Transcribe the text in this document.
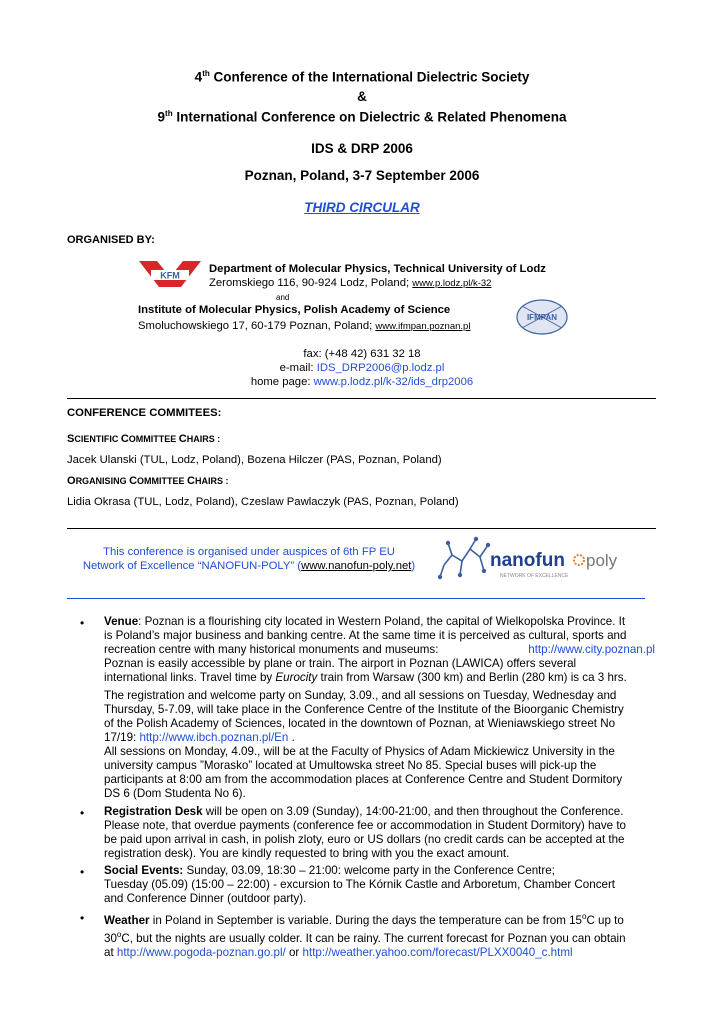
4th Conference of the International Dielectric Society
&
9th International Conference on Dielectric & Related Phenomena
IDS & DRP 2006
Poznan, Poland, 3-7 September 2006
THIRD CIRCULAR
ORGANISED BY:
KFM
Department of Molecular Physics, Technical University of Lodz
Zeromskiego 116, 90-924 Lodz, Poland; www.p.lodz.pl/k-32
and
Institute of Molecular Physics, Polish Academy of Science
Smoluchowskiego 17, 60-179 Poznan, Poland; www.ifmpan.poznan.pl
IFMPAN
fax: (+48 42) 631 32 18
e-mail: IDS_DRP2006@p.lodz.pl
home page: www.p.lodz.pl/k-32/ids_drp2006
CONFERENCE COMMITEES:
SCIENTIFIC COMMITTEE CHAIRS :
Jacek Ulanski (TUL, Lodz, Poland), Bozena Hilczer (PAS, Poznan, Poland)
ORGANISING COMMITTEE CHAIRS :
Lidia Okrasa (TUL, Lodz, Poland), Czeslaw Pawlaczyk (PAS, Poznan, Poland)
This conference is organised under auspices of 6th FP EU
Network of Excellence “NANOFUN-POLY” (www.nanofun-poly.net)	nanofun poly
NETWORK OF EXCELLENCE
• Venue: Poznan is a flourishing city located in Western Poland, the capital of Wielkopolska Province. It
is Poland’s major business and banking centre. At the same time it is perceived as cultural, sports and
recreation centre with many historical monuments and museums:	http://www.city.poznan.pl
Poznan is easily accessible by plane or train. The airport in Poznan (LAWICA) offers several
international links. Travel time by Eurocity train from Warsaw (300 km) and Berlin (280 km) is ca 3 hrs.
The registration and welcome party on Sunday, 3.09., and all sessions on Tuesday, Wednesday and
Thursday, 5-7.09, will take place in the Conference Centre of the Institute of the Bioorganic Chemistry
of the Polish Academy of Sciences, located in the downtown of Poznan, at Wieniawskiego street No
17/19: http://www.ibch.poznan.pl/En .
All sessions on Monday, 4.09., will be at the Faculty of Physics of Adam Mickiewicz University in the
university campus ”Morasko” located at Umultowska street No 85. Special buses will pick-up the
participants at 8:00 am from the accommodation places at Conference Centre and Student Dormitory
DS 6 (Dom Studenta No 6).
• Registration Desk will be open on 3.09 (Sunday), 14:00-21:00, and then throughout the Conference.
Please note, that overdue payments (conference fee or accommodation in Student Dormitory) have to
be paid upon arrival in cash, in polish zloty, euro or US dollars (no credit cards can be accepted at the
registration desk). You are kindly requested to bring with you the exact amount.
• Social Events: Sunday, 03.09, 18:30 – 21:00: welcome party in the Conference Centre;
Tuesday (05.09) (15:00 – 22:00) - excursion to The Kórnik Castle and Arboretum, Chamber Concert
and Conference Dinner (outdoor party).
• Weather in Poland in September is variable. During the days the temperature can be from 15$^o$C up to
30$^o$C, but the nights are usually colder. It can be rainy. The current forecast for Poznan you can obtain
at http://www.pogoda-poznan.go.pl/ or http://weather.yahoo.com/forecast/PLXX0040_c.html
